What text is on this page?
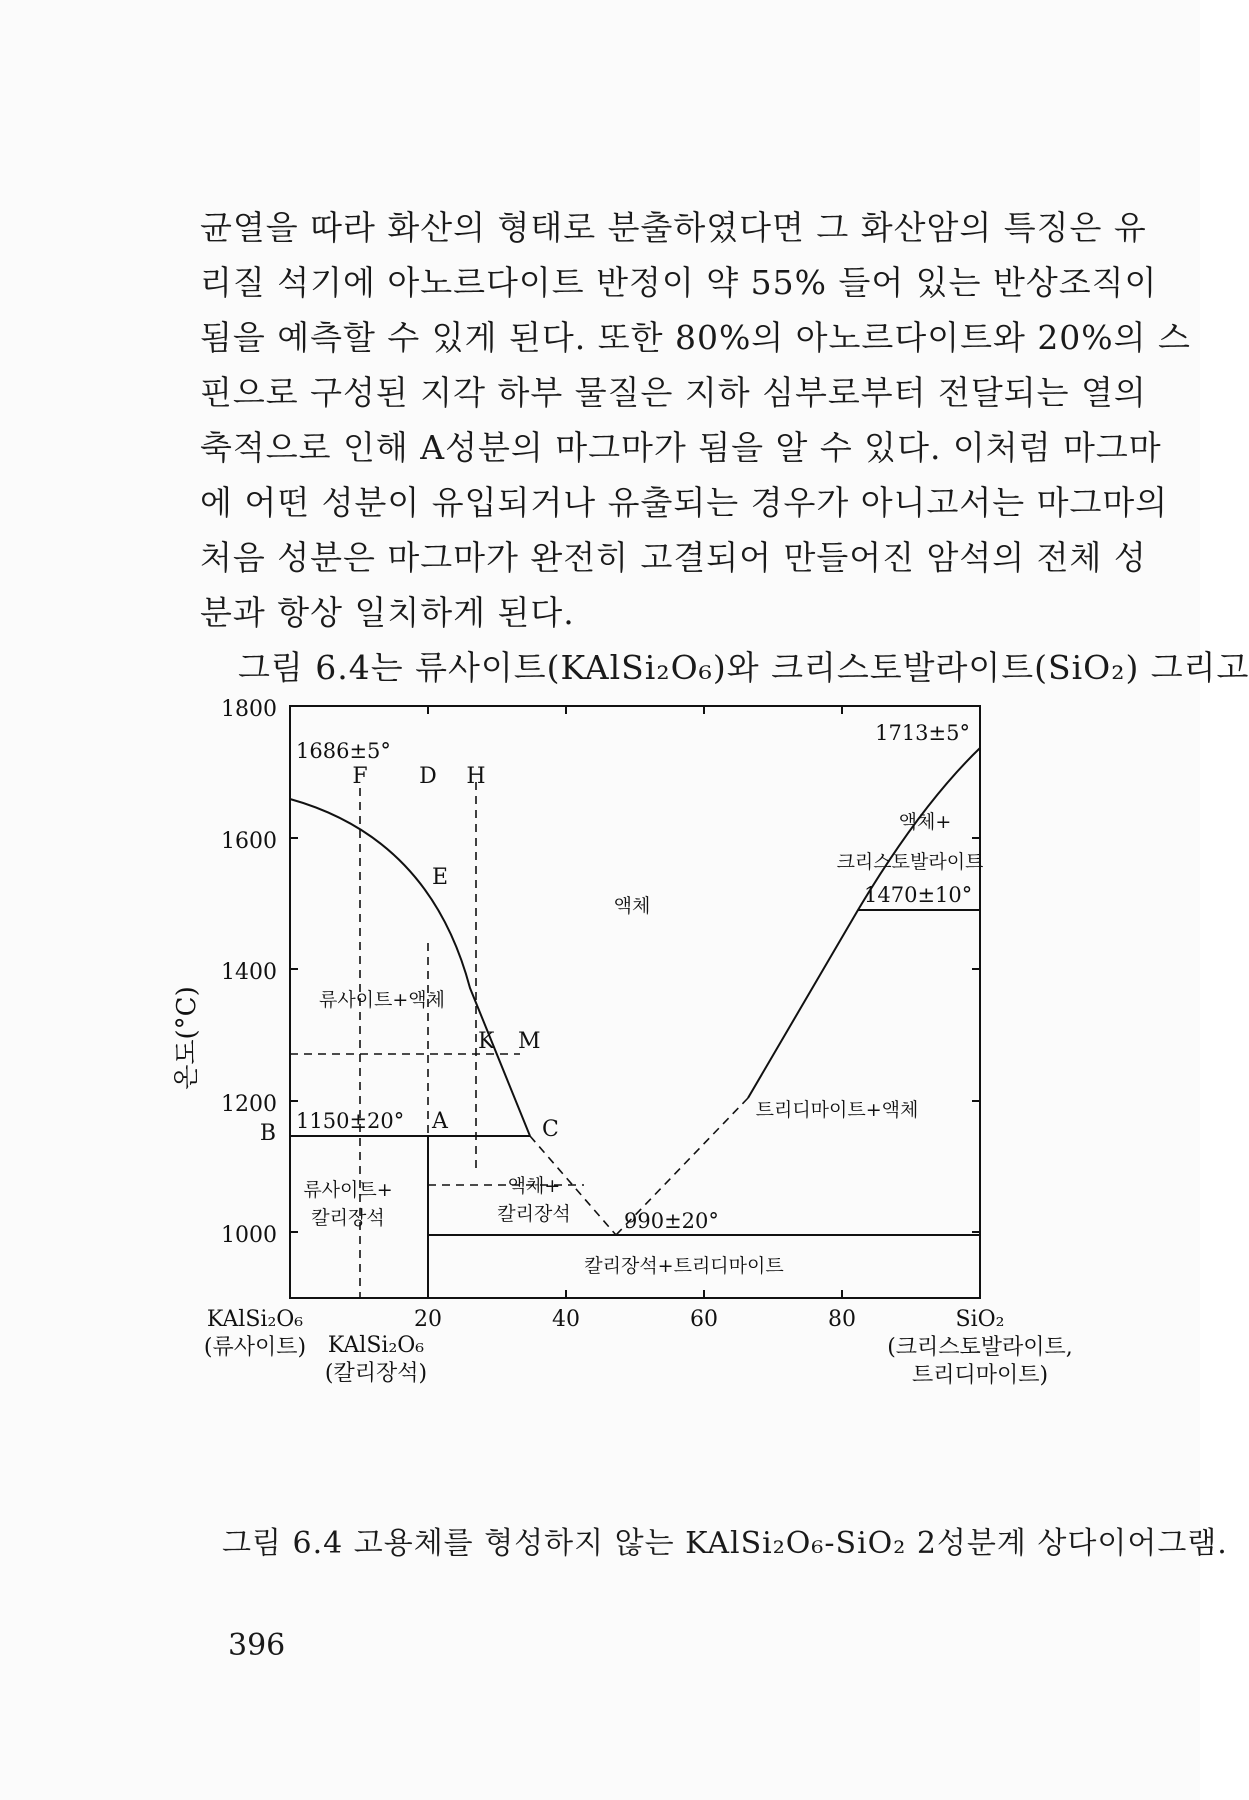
균열을 따라 화산의 형태로 분출하였다면 그 화산암의 특징은 유
리질 석기에 아노르다이트 반정이 약 55% 들어 있는 반상조직이
됨을 예측할 수 있게 된다. 또한 80%의 아노르다이트와 20%의 스
핀으로 구성된 지각 하부 물질은 지하 심부로부터 전달되는 열의
축적으로 인해 A성분의 마그마가 됨을 알 수 있다. 이처럼 마그마
에 어떤 성분이 유입되거나 유출되는 경우가 아니고서는 마그마의
처음 성분은 마그마가 완전히 고결되어 만들어진 암석의 전체 성
분과 항상 일치하게 된다.
그림 6.4는 류사이트(KAlSi₂O₆)와 크리스토발라이트(SiO₂) 그리고
온도(°C)
1800
1600
1400
1200
1000
B
20	40	60	80
KAlSi₂O₆
(류사이트) KAlSi₂O₆
(칼리장석)
SiO₂
(크리스토발라이트,
트리디마이트)
1686±5°
1713±5°
1470±10°
1150±20°
990±20°
F D H
E
K M
A	C
액체
류사이트+액체
액체+
크리스토발라이트
트리디마이트+액체
류사이트+
칼리장석
액체+
칼리장석
칼리장석+트리디마이트
그림 6.4 고용체를 형성하지 않는 KAlSi₂O₆-SiO₂ 2성분계 상다이어그램.
396
